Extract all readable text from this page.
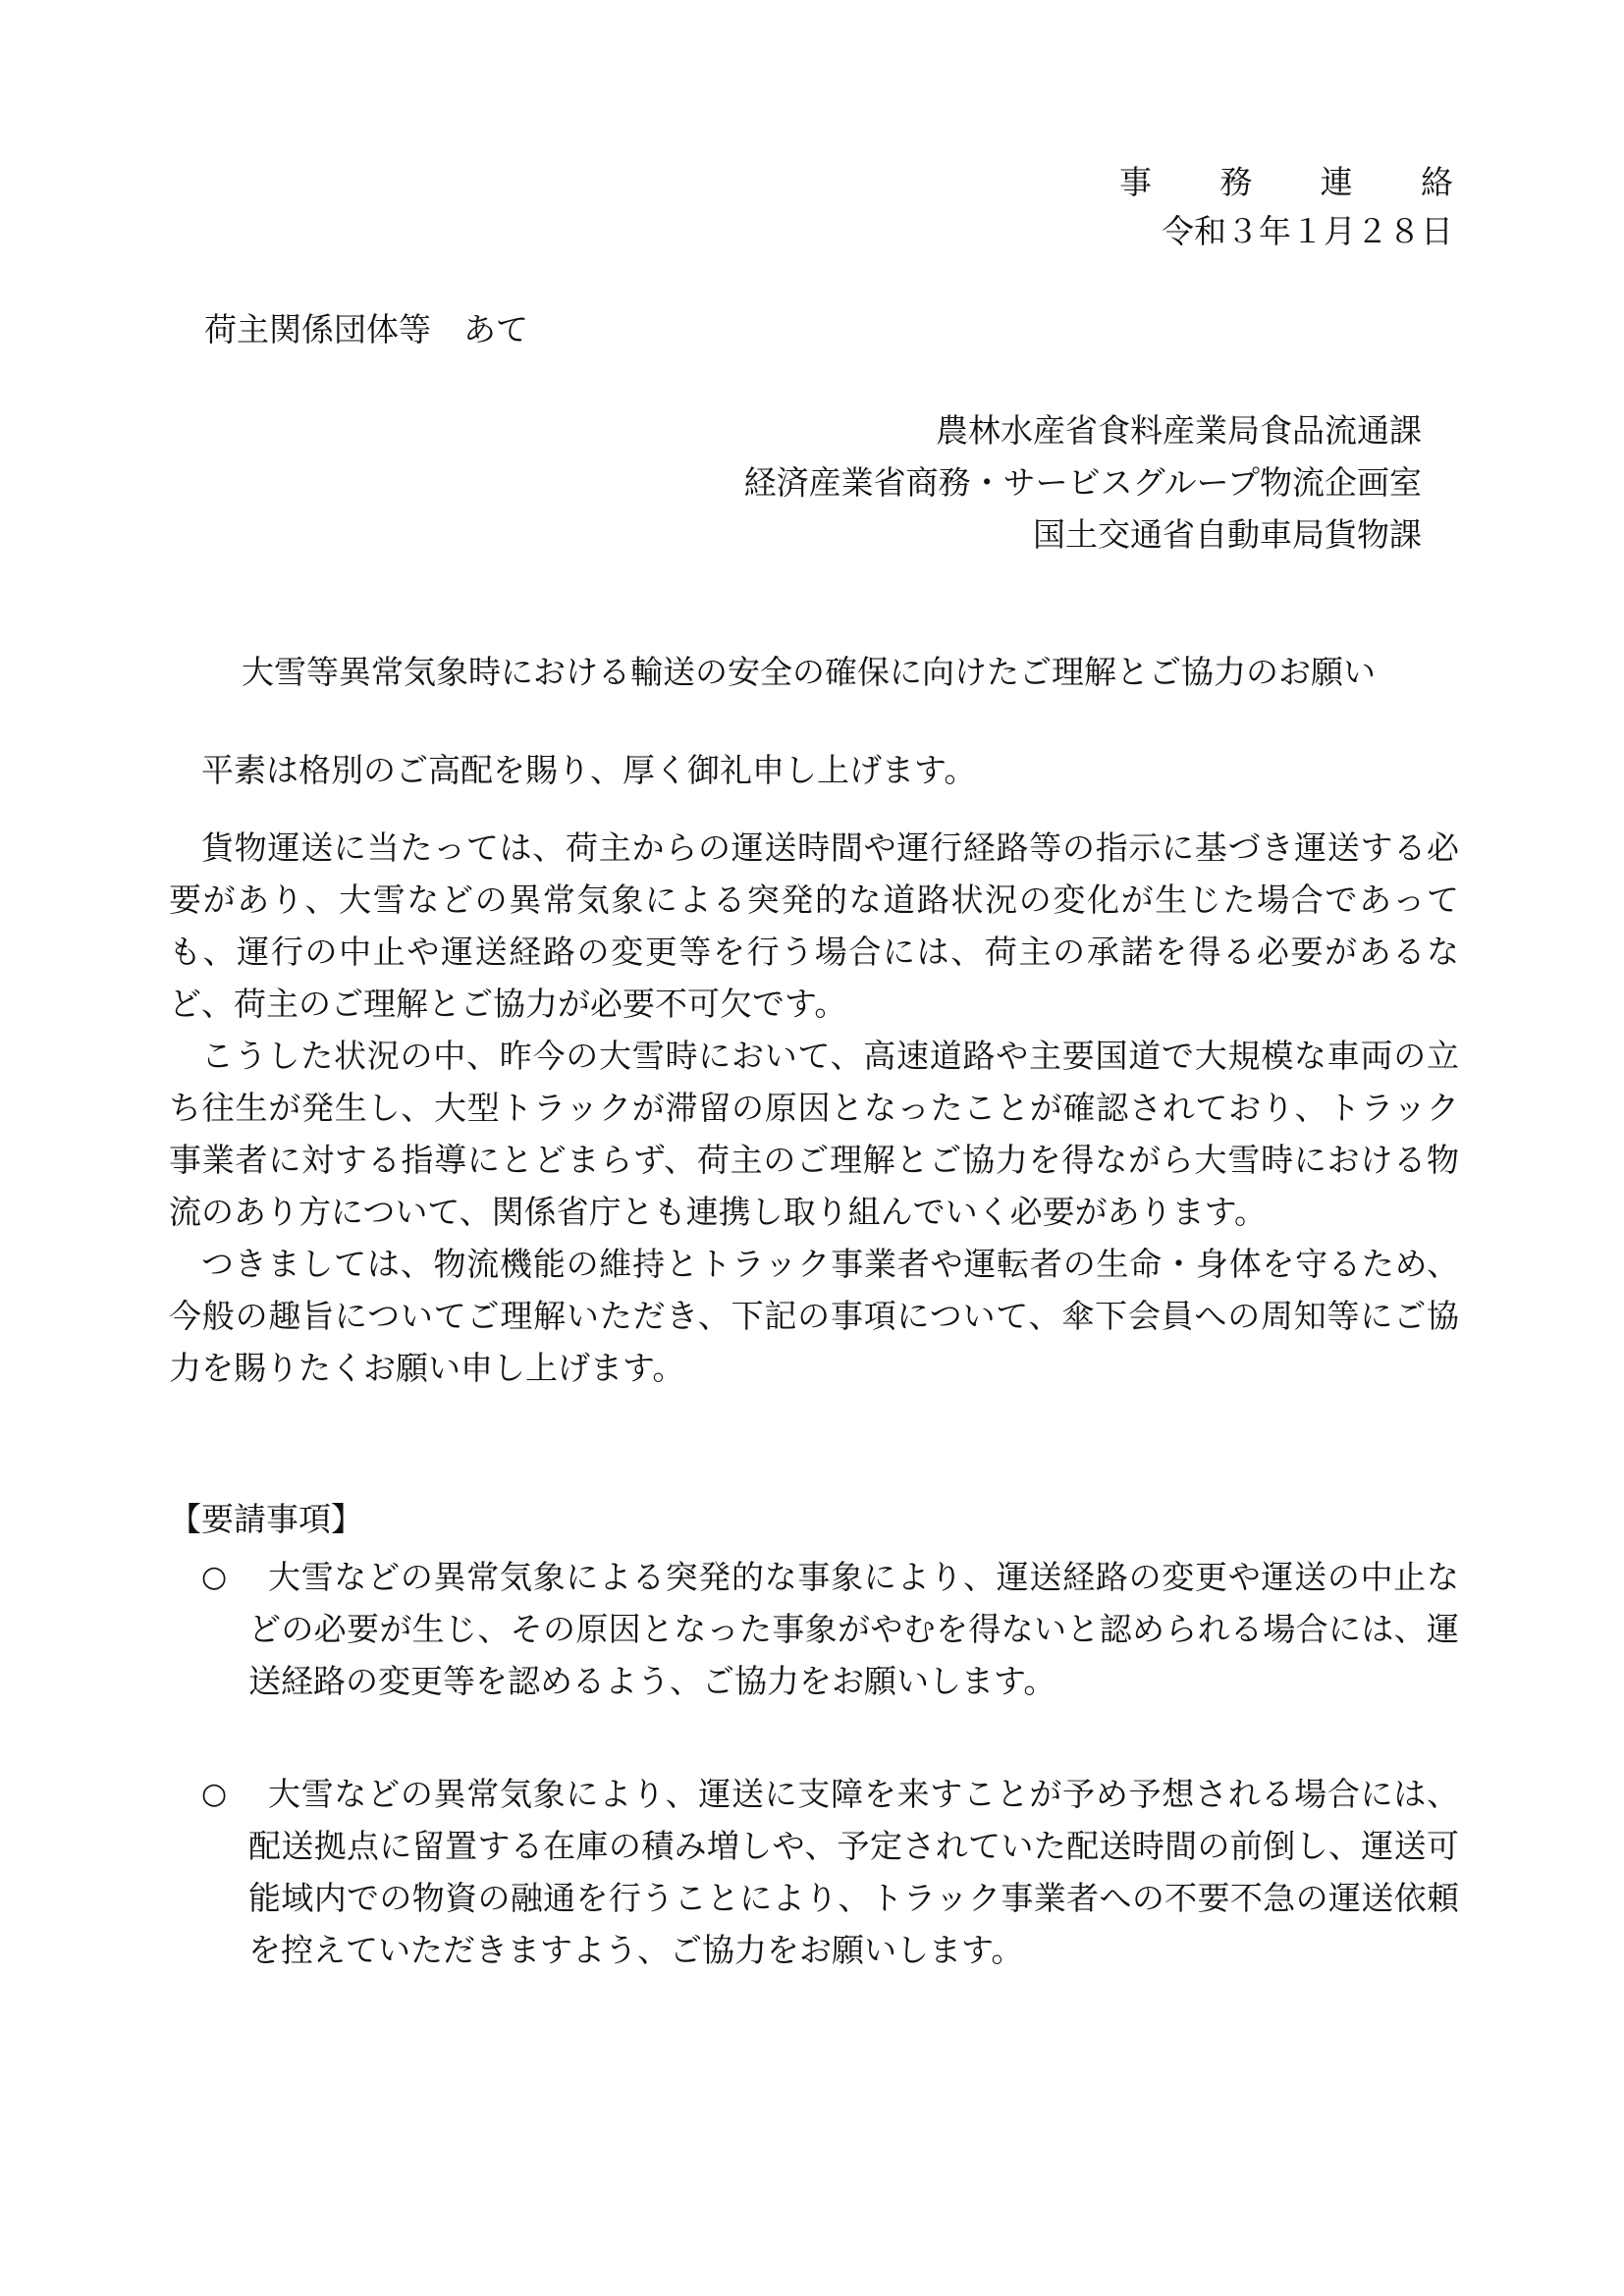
事 務 連 絡
令和３年１月２８日
荷主関係団体等　あて
農林水産省食料産業局食品流通課
経済産業省商務・サービスグループ物流企画室
国土交通省自動車局貨物課
大雪等異常気象時における輸送の安全の確保に向けたご理解とご協力のお願い

平素は格別のご高配を賜り、厚く御礼申し上げます。

貨物運送に当たっては、荷主からの運送時間や運行経路等の指示に基づき運送する必要があり、大雪などの異常気象による突発的な道路状況の変化が生じた場合であっても、運行の中止や運送経路の変更等を行う場合には、荷主の承諾を得る必要があるなど、荷主のご理解とご協力が必要不可欠です。

こうした状況の中、昨今の大雪時において、高速道路や主要国道で大規模な車両の立ち往生が発生し、大型トラックが滞留の原因となったことが確認されており、トラック事業者に対する指導にとどまらず、荷主のご理解とご協力を得ながら大雪時における物流のあり方について、関係省庁とも連携し取り組んでいく必要があります。

つきましては、物流機能の維持とトラック事業者や運転者の生命・身体を守るため、今般の趣旨についてご理解いただき、下記の事項について、傘下会員への周知等にご協力を賜りたくお願い申し上げます。

【要請事項】
○	大雪などの異常気象による突発的な事象により、運送経路の変更や運送の中止などの必要が生じ、その原因となった事象がやむを得ないと認められる場合には、運送経路の変更等を認めるよう、ご協力をお願いします。

○	大雪などの異常気象により、運送に支障を来すことが予め予想される場合には、配送拠点に留置する在庫の積み増しや、予定されていた配送時間の前倒し、運送可能域内での物資の融通を行うことにより、トラック事業者への不要不急の運送依頼を控えていただきますよう、ご協力をお願いします。
